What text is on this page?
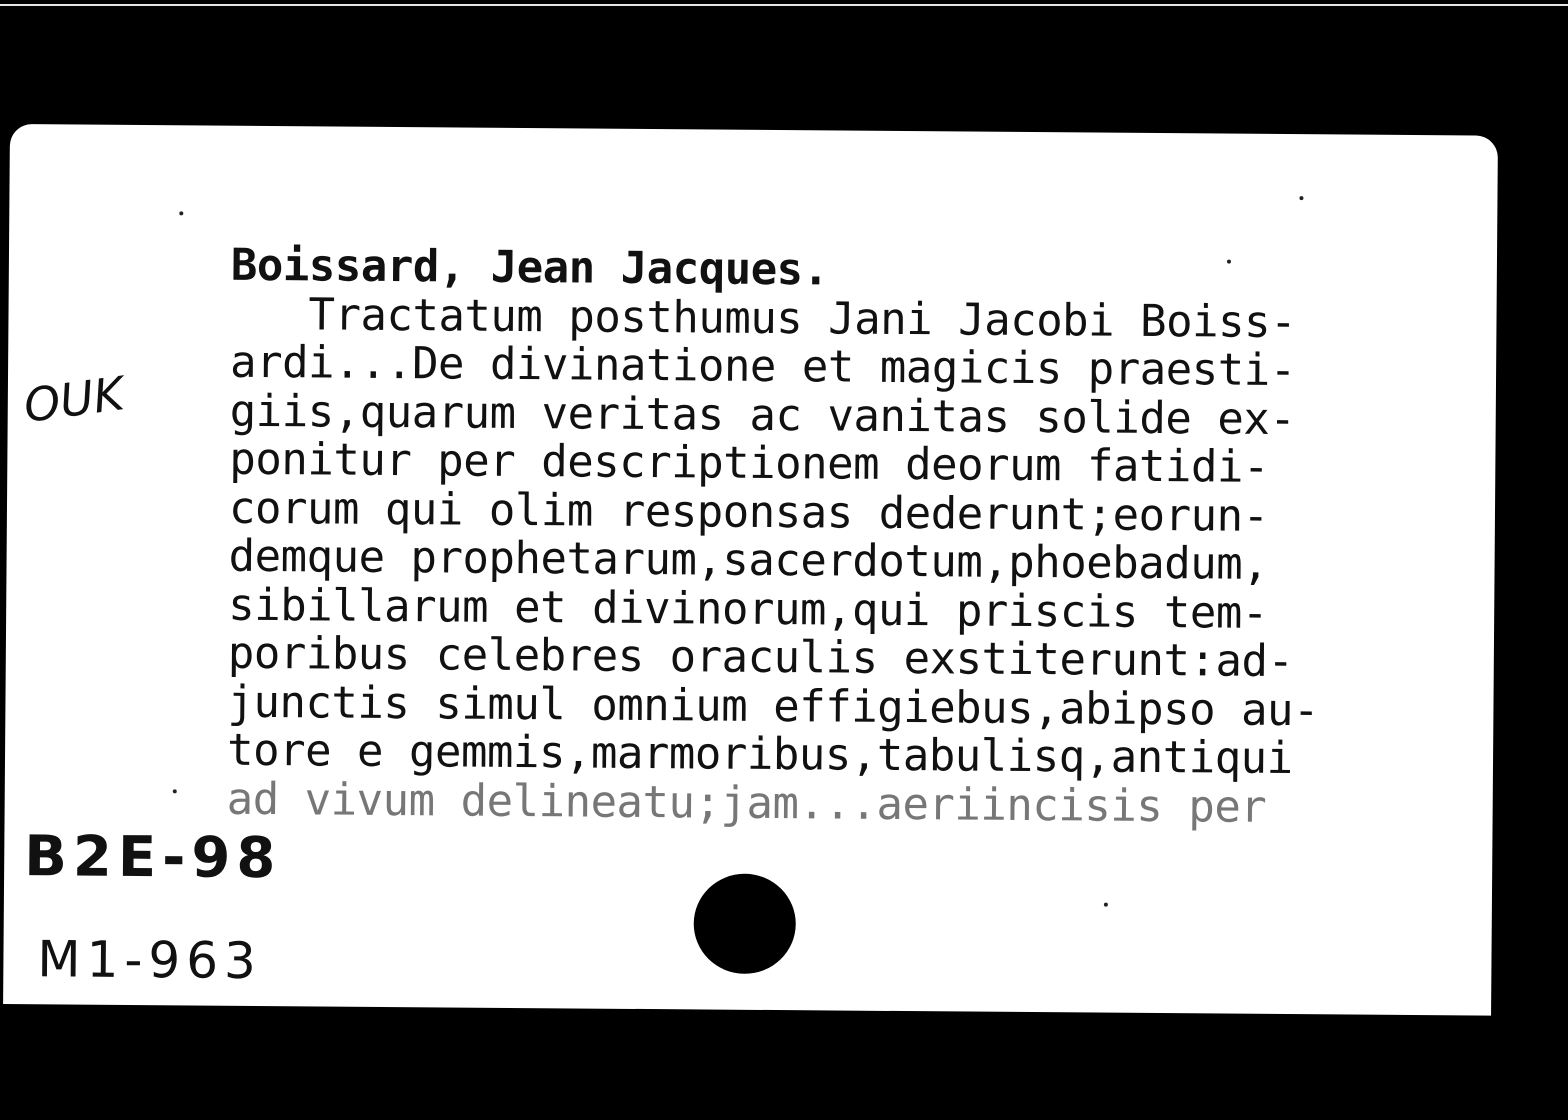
Boissard, Jean Jacques.
Tractatum posthumus Jani Jacobi Boiss-
ardi...De divinatione et magicis praesti-
giis,quarum veritas ac vanitas solide ex-
ponitur per descriptionem deorum fatidi-
corum qui olim responsas dederunt;eorun-
demque prophetarum,sacerdotum,phoebadum,
sibillarum et divinorum,qui priscis tem-
poribus celebres oraculis exstiterunt:ad-
junctis simul omnium effigiebus,abipso au-
tore e gemmis,marmoribus,tabulisq,antiqui
ad vivum delineatu;jam...aeriincisis per
OUK
B2E-98
M1-963
